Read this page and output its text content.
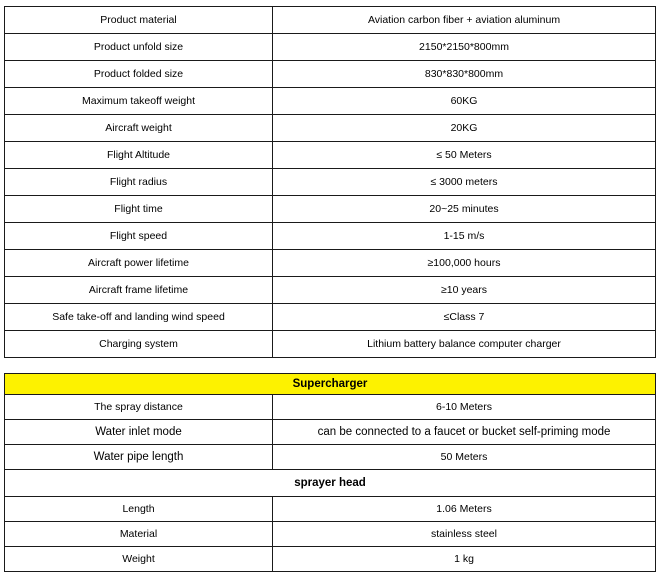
Product material	Aviation carbon fiber + aviation aluminum
Product unfold size	2150*2150*800mm
Product folded size	830*830*800mm
Maximum takeoff weight	60KG
Aircraft weight	20KG
Flight Altitude	≤ 50 Meters
Flight radius	≤ 3000 meters
Flight time	20~25 minutes
Flight speed	1-15 m/s
Aircraft power lifetime	≥100,000 hours
Aircraft frame lifetime	≥10 years
Safe take-off and landing wind speed	≤Class 7
Charging system	Lithium battery balance computer charger
Supercharger	
The spray distance	6-10 Meters
Water inlet mode	can be connected to a faucet or bucket self-priming mode
Water pipe length	50 Meters
sprayer head	
Length	1.06 Meters
Material	stainless steel
Weight	1 kg
